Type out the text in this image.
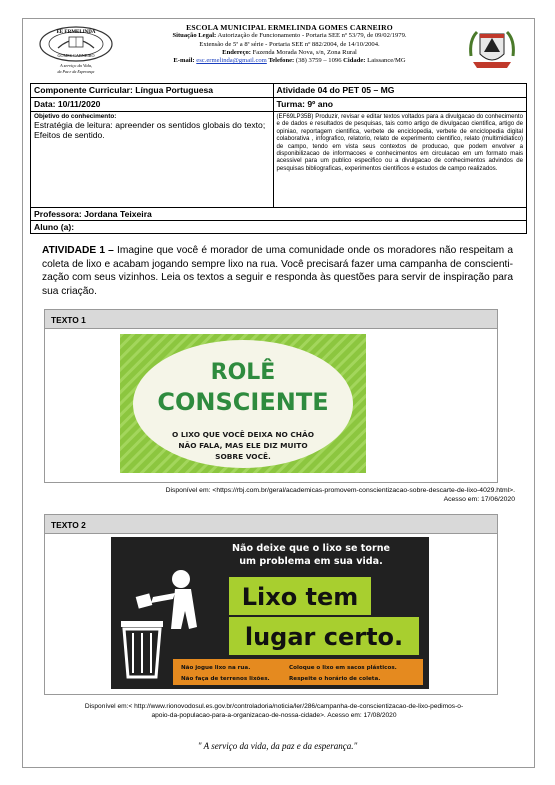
EE ERMELINDA
GOMES CARNEIRO
A serviço da Vida,
da Paz e da Esperança
ESCOLA MUNICIPAL ERMELINDA GOMES CARNEIRO
Situação Legal: Autorização de Funcionamento - Portaria SEE nº 53/79, de 09/02/1979.
Extensão de 5ª a 8ª série - Portaria SEE nº 882/2004, de 14/10/2004.
Endereço: Fazenda Morada Nova, s/n, Zona Rural
E-mail: esc.ermelinda@gmail.com Telefone: (38) 3759 – 1096 Cidade: Laissance/MG
Componente Curricular: Língua Portuguesa	Atividade 04 do PET 05 – MG
Data: 10/11/2020	Turma: 9º ano

Objetivo do conhecimento:
Estratégia de leitura: apreender os sentidos globais do texto; Efeitos de sentido.	(EF69LP35B) Produzir, revisar e editar textos voltados para a divulgacao do conhecimento e de dados e resultados de pesquisas, tais como artigo de divulgacao cientifica, artigo de opiniao, reportagem cientifica, verbete de enciclopedia, verbete de enciclopedia digital colaborativa , infografico, relatorio, relato de experimento cientifico, relato (multimidiatico) de campo, tendo em vista seus contextos de producao, que podem envolver a disponibilizacao de informacoes e conhecimentos em circulacao em um formato mais acessivel para um publico especifico ou a divulgacao de conhecimentos advindos de pesquisas bibliograficas, experimentos cientificos e estudos de campo realizados.
Professora: Jordana Teixeira	
Aluno (a):	
ATIVIDADE 1 – Imagine que você é morador de uma comunidade onde os moradores não respeitam a coleta de lixo e acabam jogando sempre lixo na rua. Você precisará fazer uma campanha de conscienti-zação com seus vizinhos. Leia os textos a seguir e responda às questões para servir de inspiração para sua criação.
TEXTO 1
ROLÊ
CONSCIENTE
O LIXO QUE VOCÊ DEIXA NO CHÃO
NÃO FALA, MAS ELE DIZ MUITO
SOBRE VOCÊ.
Disponível em: <https://rbj.com.br/geral/academicas-promovem-conscientizacao-sobre-descarte-de-lixo-4029.html>.
Acesso em: 17/06/2020
TEXTO 2
Não deixe que o lixo se torne
um problema em sua vida.
Lixo tem
lugar certo.
Não jogue lixo na rua.	Coloque o lixo em sacos plásticos.
Não faça de terrenos lixões.	Respeite o horário de coleta.
Disponível em:< http://www.rionovodosul.es.gov.br/controladoria/noticia/ler/286/campanha-de-conscientizacao-de-lixo-pedimos-o-
apoio-da-populacao-para-a-organizacao-de-nossa-cidade>. Acesso em: 17/08/2020
" A serviço da vida, da paz e da esperança."
